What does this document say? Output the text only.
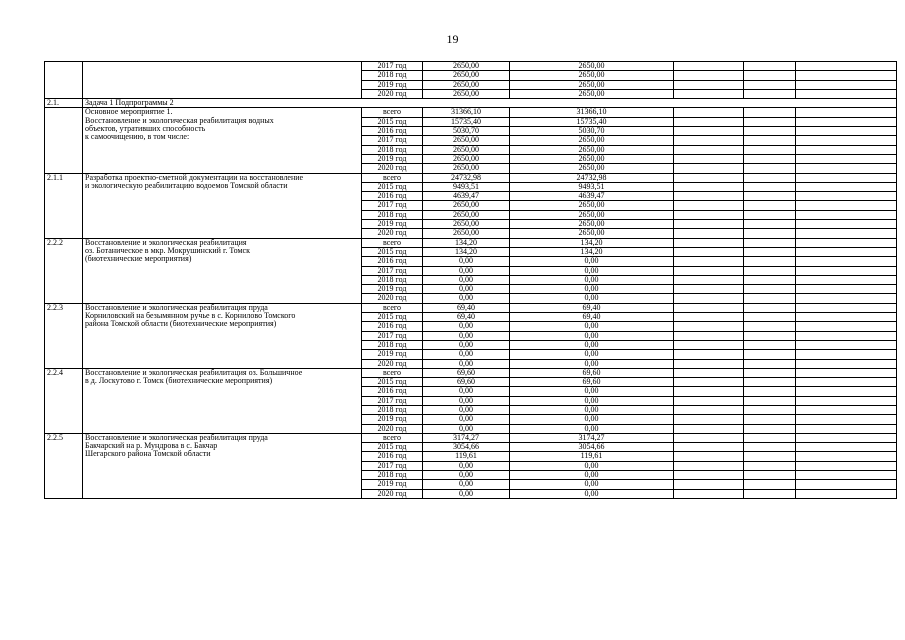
19
		2017 год	2650,00	2650,00			
		2018 год	2650,00	2650,00			
		2019 год	2650,00	2650,00			
		2020 год	2650,00	2650,00			
2.1.	Задача 1 Подпрограммы 2						
	Основное мероприятие 1.
Восстановление и экологическая реабилитация водных
объектов, утративших способность
к самоочищению, в том числе:	всего	31366,10	31366,10			
		2015 год	15735,40	15735,40			
		2016 год	5030,70	5030,70			
		2017 год	2650,00	2650,00			
		2018 год	2650,00	2650,00			
		2019 год	2650,00	2650,00			
		2020 год	2650,00	2650,00			
2.1.1	Разработка проектно-сметной документации на восстановление
и экологическую реабилитацию водоемов Томской области	всего	24732,98	24732,98			
		2015 год	9493,51	9493,51			
		2016 год	4639,47	4639,47			
		2017 год	2650,00	2650,00			
		2018 год	2650,00	2650,00			
		2019 год	2650,00	2650,00			
		2020 год	2650,00	2650,00			
2.2.2	Восстановление и экологическая реабилитация
oз. Ботаническое в мкр. Мокрушинский г. Томск
(биотехнические мероприятия)	всего	134,20	134,20			
		2015 год	134,20	134,20			
		2016 год	0,00	0,00			
		2017 год	0,00	0,00			
		2018 год	0,00	0,00			
		2019 год	0,00	0,00			
		2020 год	0,00	0,00			
2.2.3	Восстановление и экологическая реабилитация пруда
Корниловский на безымянном ручье в с. Корнилово Томского
района Томской области (биотехнические мероприятия)	всего	69,40	69,40			
		2015 год	69,40	69,40			
		2016 год	0,00	0,00			
		2017 год	0,00	0,00			
		2018 год	0,00	0,00			
		2019 год	0,00	0,00			
		2020 год	0,00	0,00			
2.2.4	Восстановление и экологическая реабилитация оз. Большичное
в д. Лоскутово г. Томск (биотехнические мероприятия)	всего	69,60	69,60			
		2015 год	69,60	69,60			
		2016 год	0,00	0,00			
		2017 год	0,00	0,00			
		2018 год	0,00	0,00			
		2019 год	0,00	0,00			
		2020 год	0,00	0,00			
2.2.5	Восстановление и экологическая реабилитация пруда
Бакчарский на р. Мундрова в с. Бакчар
Шегарского района Томской области	всего	3174,27	3174,27			
		2015 год	3054,66	3054,66			
		2016 год	119,61	119,61			
		2017 год	0,00	0,00			
		2018 год	0,00	0,00			
		2019 год	0,00	0,00			
		2020 год	0,00	0,00			
